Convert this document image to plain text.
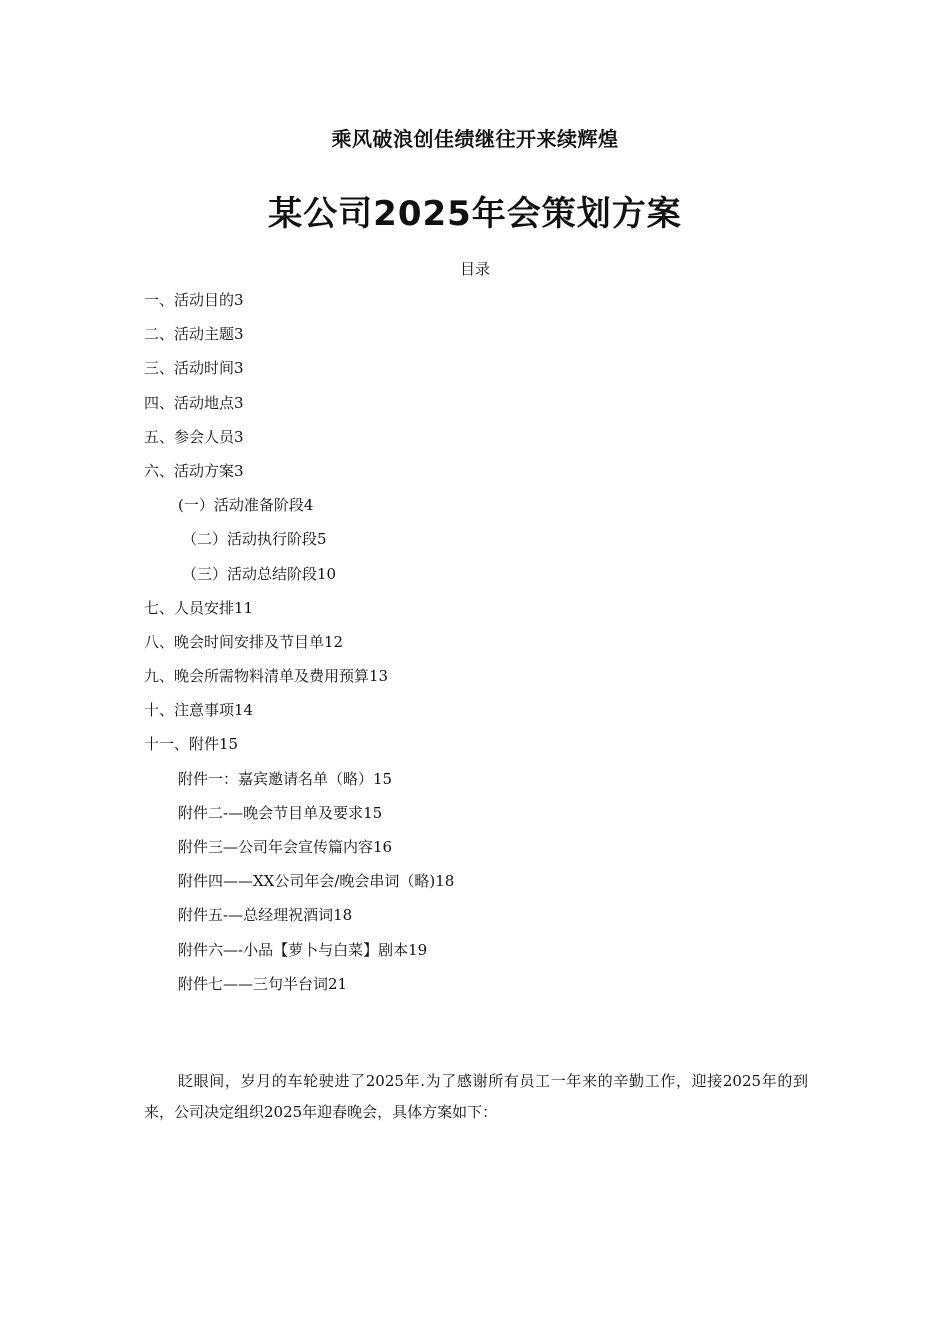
乘风破浪创佳绩继往开来续辉煌
某公司2025年会策划方案
目录
一、活动目的3
二、活动主题3
三、活动时间3
四、活动地点3
五、参会人员3
六、活动方案3
(一）活动准备阶段4
（二）活动执行阶段5
（三）活动总结阶段10
七、人员安排11
八、晚会时间安排及节目单12
九、晚会所需物料清单及费用预算13
十、注意事项14
十一、附件15
附件一：嘉宾邀请名单（略）15
附件二-—晚会节目单及要求15
附件三—公司年会宣传篇内容16
附件四——XX公司年会/晚会串词（略)18
附件五-—总经理祝酒词18
附件六—-小品【萝卜与白菜】剧本19
附件七——三句半台词21

眨眼间，岁月的车轮驶进了2025年.为了感谢所有员工一年来的辛勤工作，迎接2025年的到来，公司决定组织2025年迎春晚会，具体方案如下：
